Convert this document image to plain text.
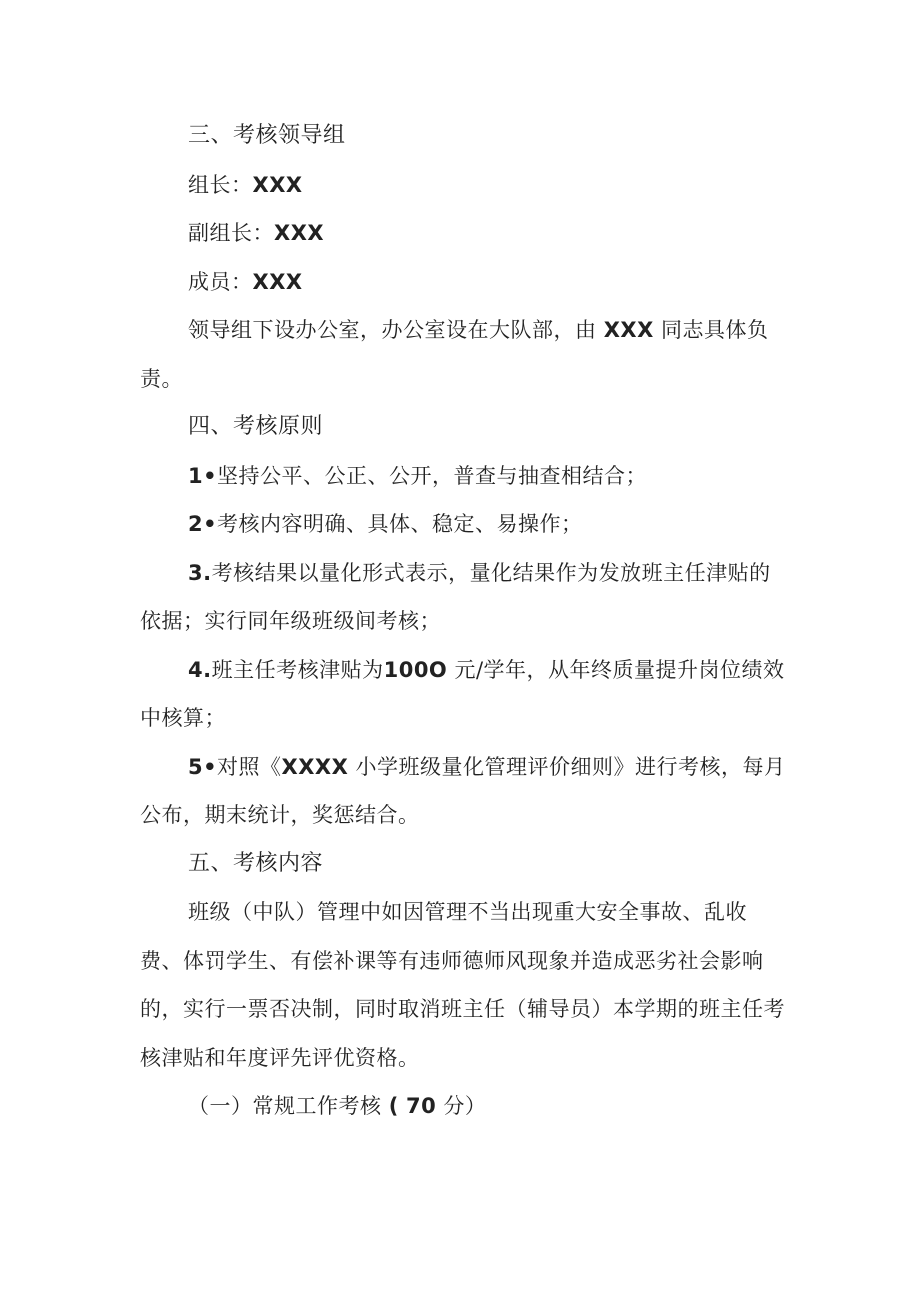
三、考核领导组

组长：XXX

副组长：XXX

成员：XXX

领导组下设办公室，办公室设在大队部，由 XXX 同志具体负责。

四、考核原则

1•坚持公平、公正、公开，普查与抽查相结合；

2•考核内容明确、具体、稳定、易操作；

3.考核结果以量化形式表示，量化结果作为发放班主任津贴的依据；实行同年级班级间考核；

4.班主任考核津贴为100O 元/学年，从年终质量提升岗位绩效中核算；

5•对照《XXXX 小学班级量化管理评价细则》进行考核，每月公布，期末统计，奖惩结合。

五、考核内容

班级（中队）管理中如因管理不当出现重大安全事故、乱收费、体罚学生、有偿补课等有违师德师风现象并造成恶劣社会影响的，实行一票否决制，同时取消班主任（辅导员）本学期的班主任考核津贴和年度评先评优资格。

（一）常规工作考核 ( 70 分）
